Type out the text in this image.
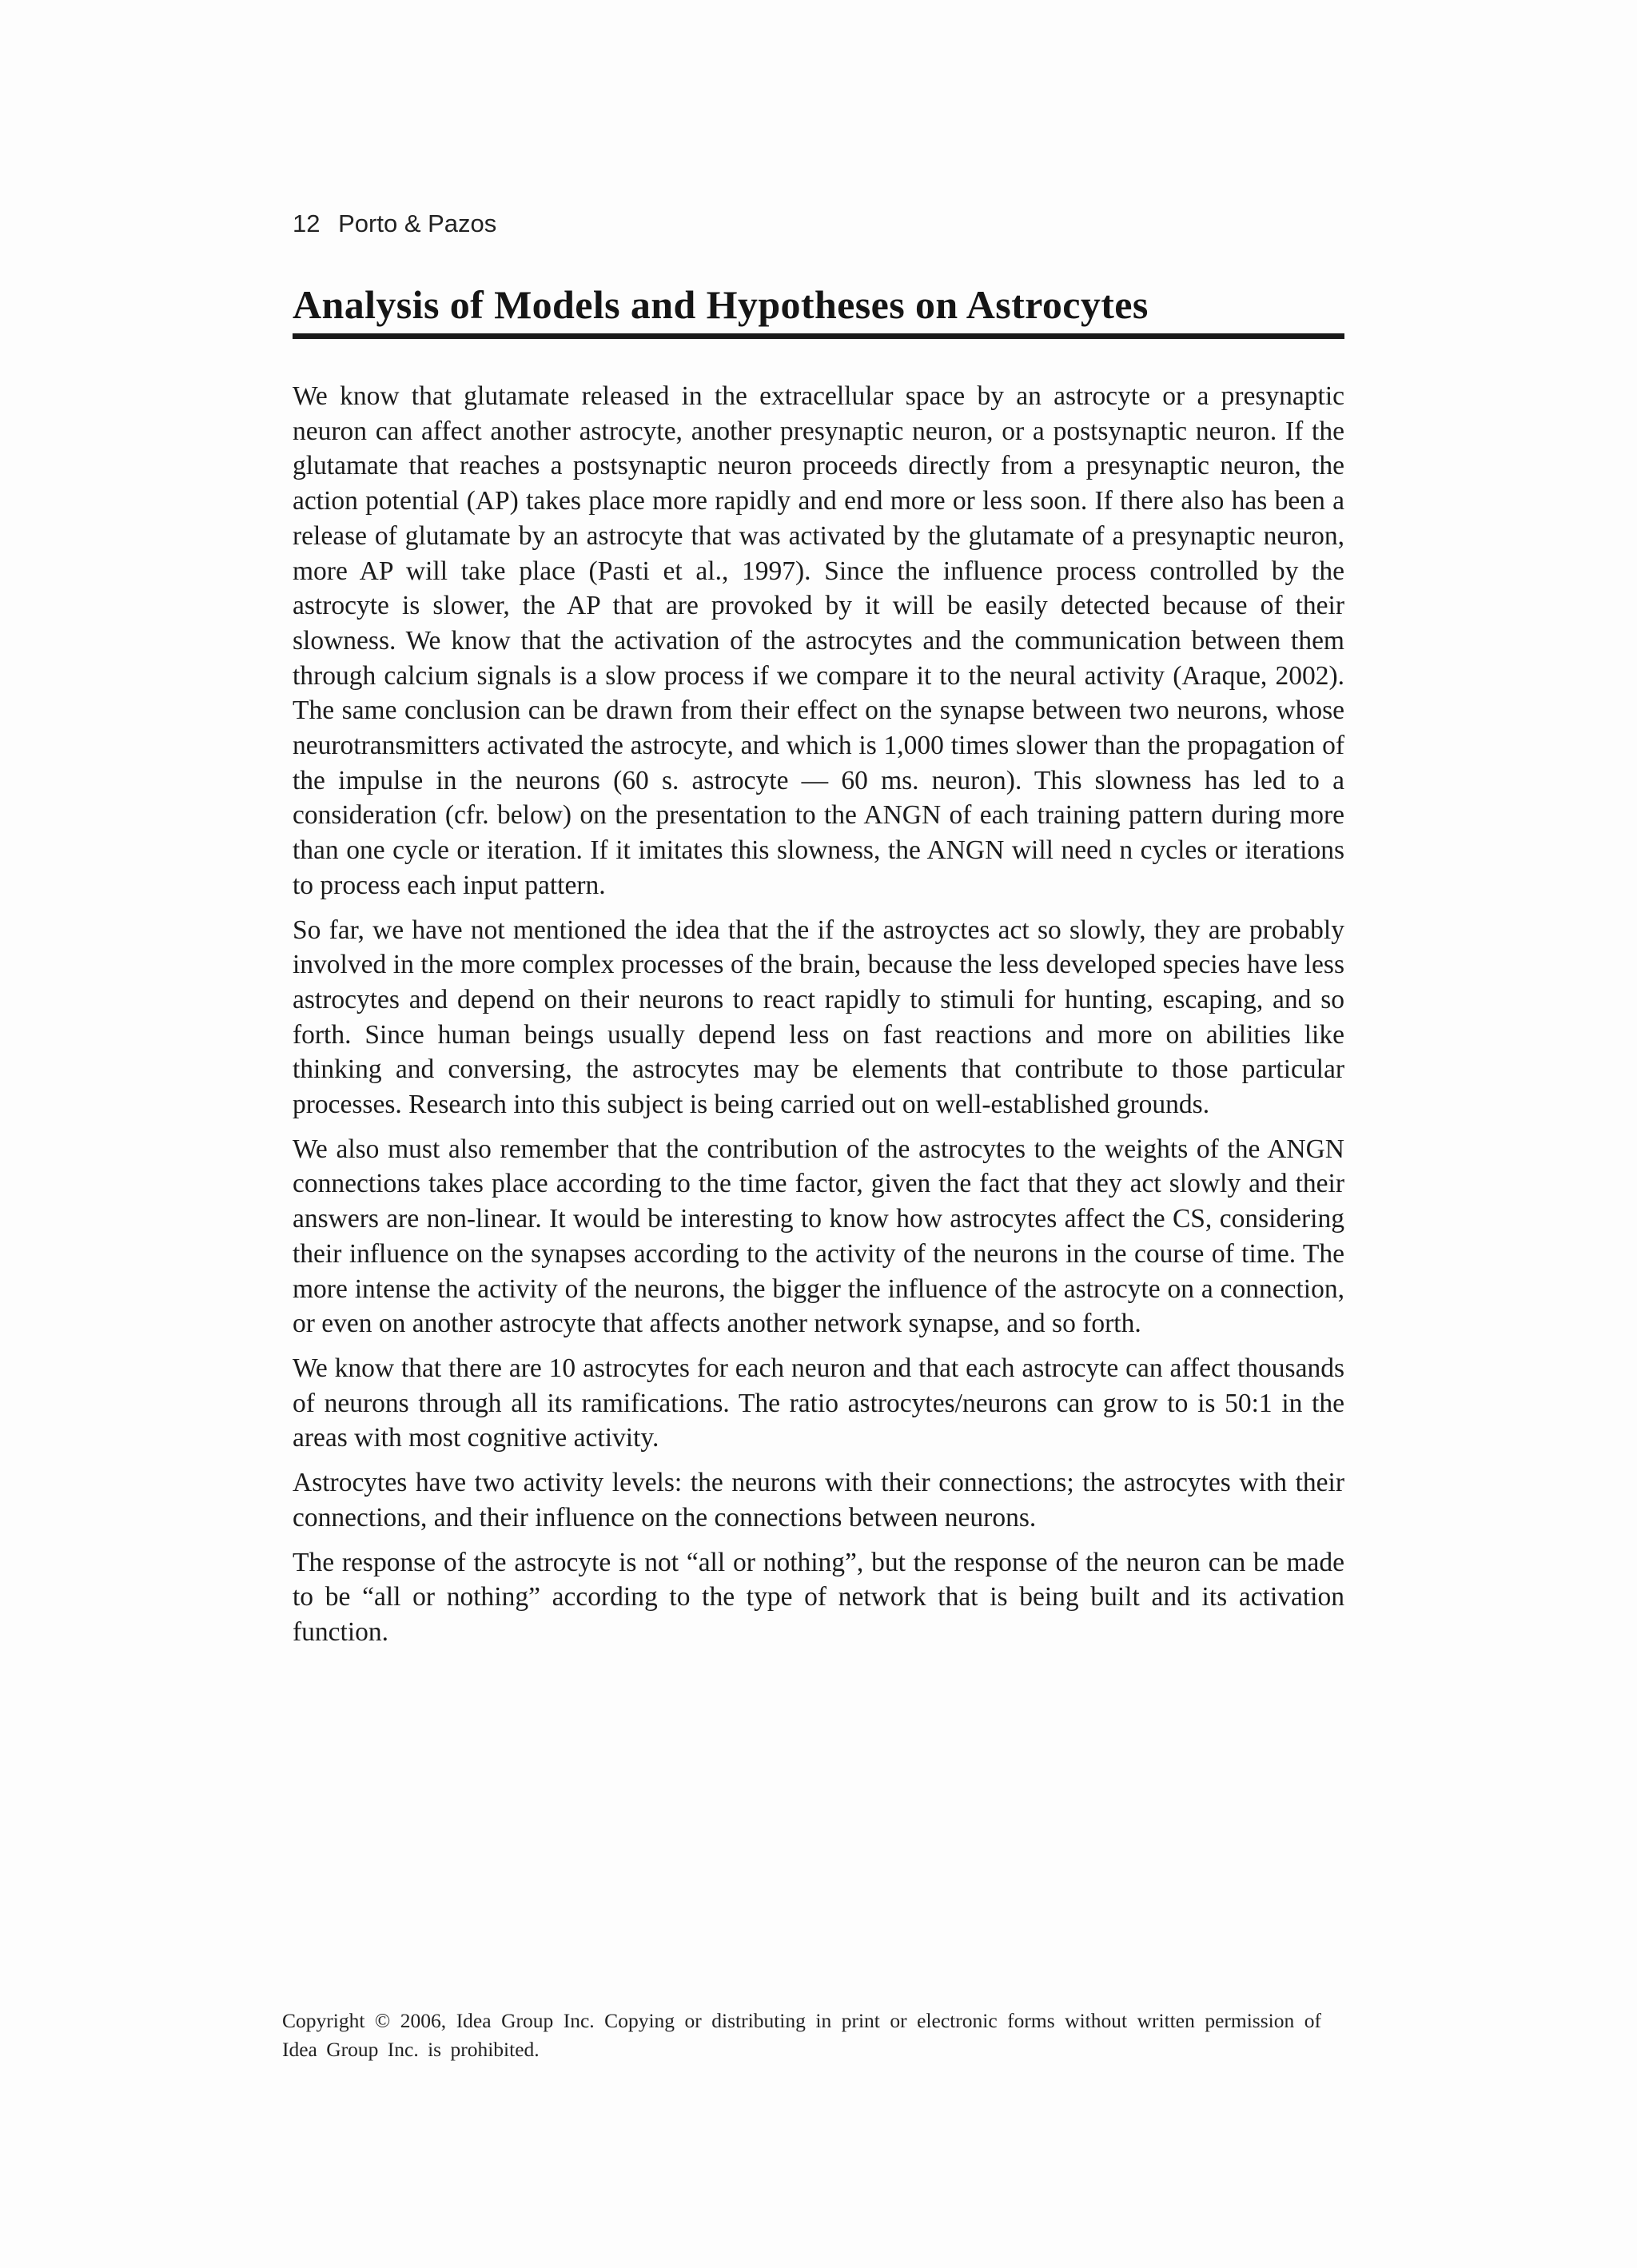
12 Porto & Pazos
Analysis of Models and Hypotheses on Astrocytes

We know that glutamate released in the extracellular space by an astrocyte or a presynaptic neuron can affect another astrocyte, another presynaptic neuron, or a postsynaptic neuron. If the glutamate that reaches a postsynaptic neuron proceeds directly from a presynaptic neuron, the action potential (AP) takes place more rapidly and end more or less soon. If there also has been a release of glutamate by an astrocyte that was activated by the glutamate of a presynaptic neuron, more AP will take place (Pasti et al., 1997). Since the influence process controlled by the astrocyte is slower, the AP that are provoked by it will be easily detected because of their slowness. We know that the activation of the astrocytes and the communication between them through calcium signals is a slow process if we compare it to the neural activity (Araque, 2002). The same conclusion can be drawn from their effect on the synapse between two neurons, whose neurotransmitters activated the astrocyte, and which is 1,000 times slower than the propagation of the impulse in the neurons (60 s. astrocyte — 60 ms. neuron). This slowness has led to a consideration (cfr. below) on the presentation to the ANGN of each training pattern during more than one cycle or iteration. If it imitates this slowness, the ANGN will need n cycles or iterations to process each input pattern.

So far, we have not mentioned the idea that the if the astroyctes act so slowly, they are probably involved in the more complex processes of the brain, because the less developed species have less astrocytes and depend on their neurons to react rapidly to stimuli for hunting, escaping, and so forth. Since human beings usually depend less on fast reactions and more on abilities like thinking and conversing, the astrocytes may be elements that contribute to those particular processes. Research into this subject is being carried out on well-established grounds.

We also must also remember that the contribution of the astrocytes to the weights of the ANGN connections takes place according to the time factor, given the fact that they act slowly and their answers are non-linear. It would be interesting to know how astrocytes affect the CS, considering their influence on the synapses according to the activity of the neurons in the course of time. The more intense the activity of the neurons, the bigger the influence of the astrocyte on a connection, or even on another astrocyte that affects another network synapse, and so forth.

We know that there are 10 astrocytes for each neuron and that each astrocyte can affect thousands of neurons through all its ramifications. The ratio astrocytes/neurons can grow to is 50:1 in the areas with most cognitive activity.

Astrocytes have two activity levels: the neurons with their connections; the astrocytes with their connections, and their influence on the connections between neurons.

The response of the astrocyte is not “all or nothing”, but the response of the neuron can be made to be “all or nothing” according to the type of network that is being built and its activation function.

Copyright © 2006, Idea Group Inc. Copying or distributing in print or electronic forms without written permission of Idea Group Inc. is prohibited.
